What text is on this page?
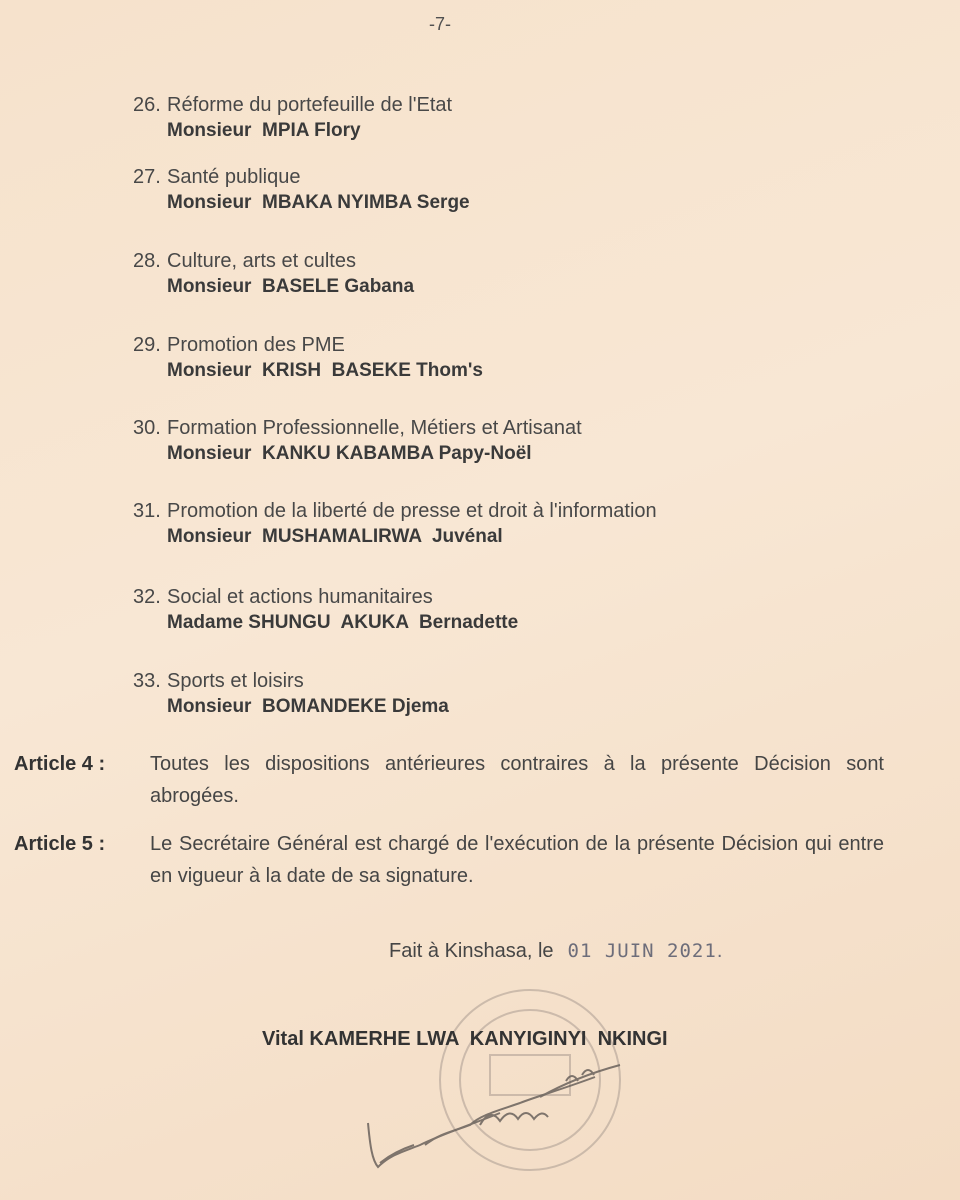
-7-
26. Réforme du portefeuille de l'Etat
Monsieur  MPIA Flory
27. Santé publique
Monsieur  MBAKA NYIMBA Serge
28. Culture, arts et cultes
Monsieur  BASELE Gabana
29. Promotion des PME
Monsieur  KRISH  BASEKE Thom's
30. Formation Professionnelle, Métiers et Artisanat
Monsieur  KANKU KABAMBA Papy-Noël
31. Promotion de la liberté de presse et droit à l'information
Monsieur  MUSHAMALIRWA  Juvénal
32. Social et actions humanitaires
Madame SHUNGU  AKUKA  Bernadette
33. Sports et loisirs
Monsieur  BOMANDEKE Djema
Article 4 :	Toutes les dispositions antérieures contraires à la présente Décision sont abrogées.
Article 5 :	Le Secrétaire Général est chargé de l'exécution de la présente Décision qui entre en vigueur à la date de sa signature.
Fait à Kinshasa, le 01 JUIN 2021.
Vital KAMERHE LWA  KANYIGINYI  NKINGI
